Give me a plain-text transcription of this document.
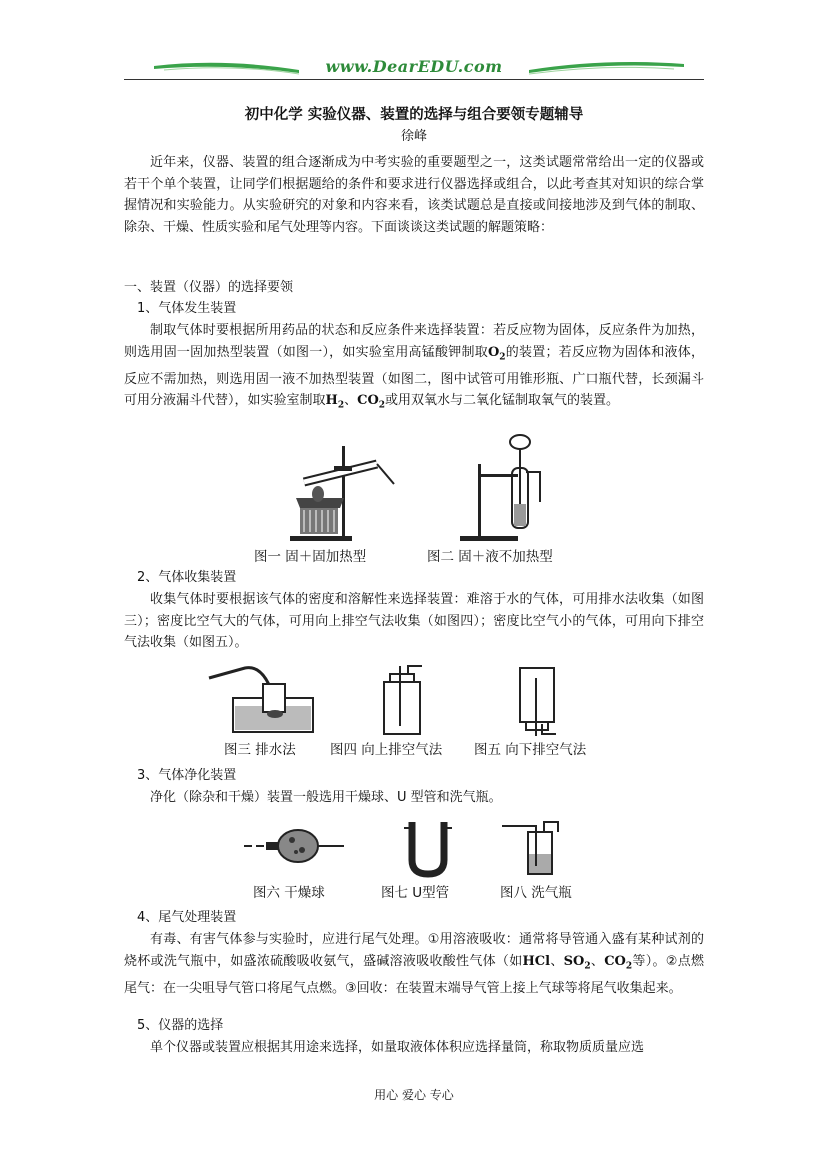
www.DearEDU.com
初中化学 实验仪器、装置的选择与组合要领专题辅导
徐峰
近年来，仪器、装置的组合逐渐成为中考实验的重要题型之一，这类试题常常给出一定的仪器或若干个单个装置，让同学们根据题给的条件和要求进行仪器选择或组合，以此考查其对知识的综合掌握情况和实验能力。从实验研究的对象和内容来看，该类试题总是直接或间接地涉及到气体的制取、除杂、干燥、性质实验和尾气处理等内容。下面谈谈这类试题的解题策略：
一、装置（仪器）的选择要领
1、气体发生装置
制取气体时要根据所用药品的状态和反应条件来选择装置：若反应物为固体，反应条件为加热，则选用固一固加热型装置（如图一），如实验室用高锰酸钾制取$O_2$的装置；若反应物为固体和液体，反应不需加热，则选用固一液不加热型装置（如图二，图中试管可用锥形瓶、广口瓶代替，长颈漏斗可用分液漏斗代替），如实验室制取$H_2$、$CO_2$或用双氧水与二氧化锰制取氧气的装置。
图一 固＋固加热型	图二 固＋液不加热型
2、气体收集装置
收集气体时要根据该气体的密度和溶解性来选择装置：难溶于水的气体，可用排水法收集（如图三）；密度比空气大的气体，可用向上排空气法收集（如图四）；密度比空气小的气体，可用向下排空气法收集（如图五）。
图三 排水法	图四 向上排空气法 图五 向下排空气法
3、气体净化装置
净化（除杂和干燥）装置一般选用干燥球、U 型管和洗气瓶。
图六 干燥球	图七 U型管	图八 洗气瓶
4、尾气处理装置
有毒、有害气体参与实验时，应进行尾气处理。①用溶液吸收：通常将导管通入盛有某种试剂的烧杯或洗气瓶中，如盛浓硫酸吸收氨气，盛碱溶液吸收酸性气体（如HCl、$SO_2$、$CO_2$等）。②点燃尾气：在一尖咀导气管口将尾气点燃。③回收：在装置末端导气管上接上气球等将尾气收集起来。
5、仪器的选择
单个仪器或装置应根据其用途来选择，如量取液体体积应选择量筒，称取物质质量应选
用心 爱心 专心
